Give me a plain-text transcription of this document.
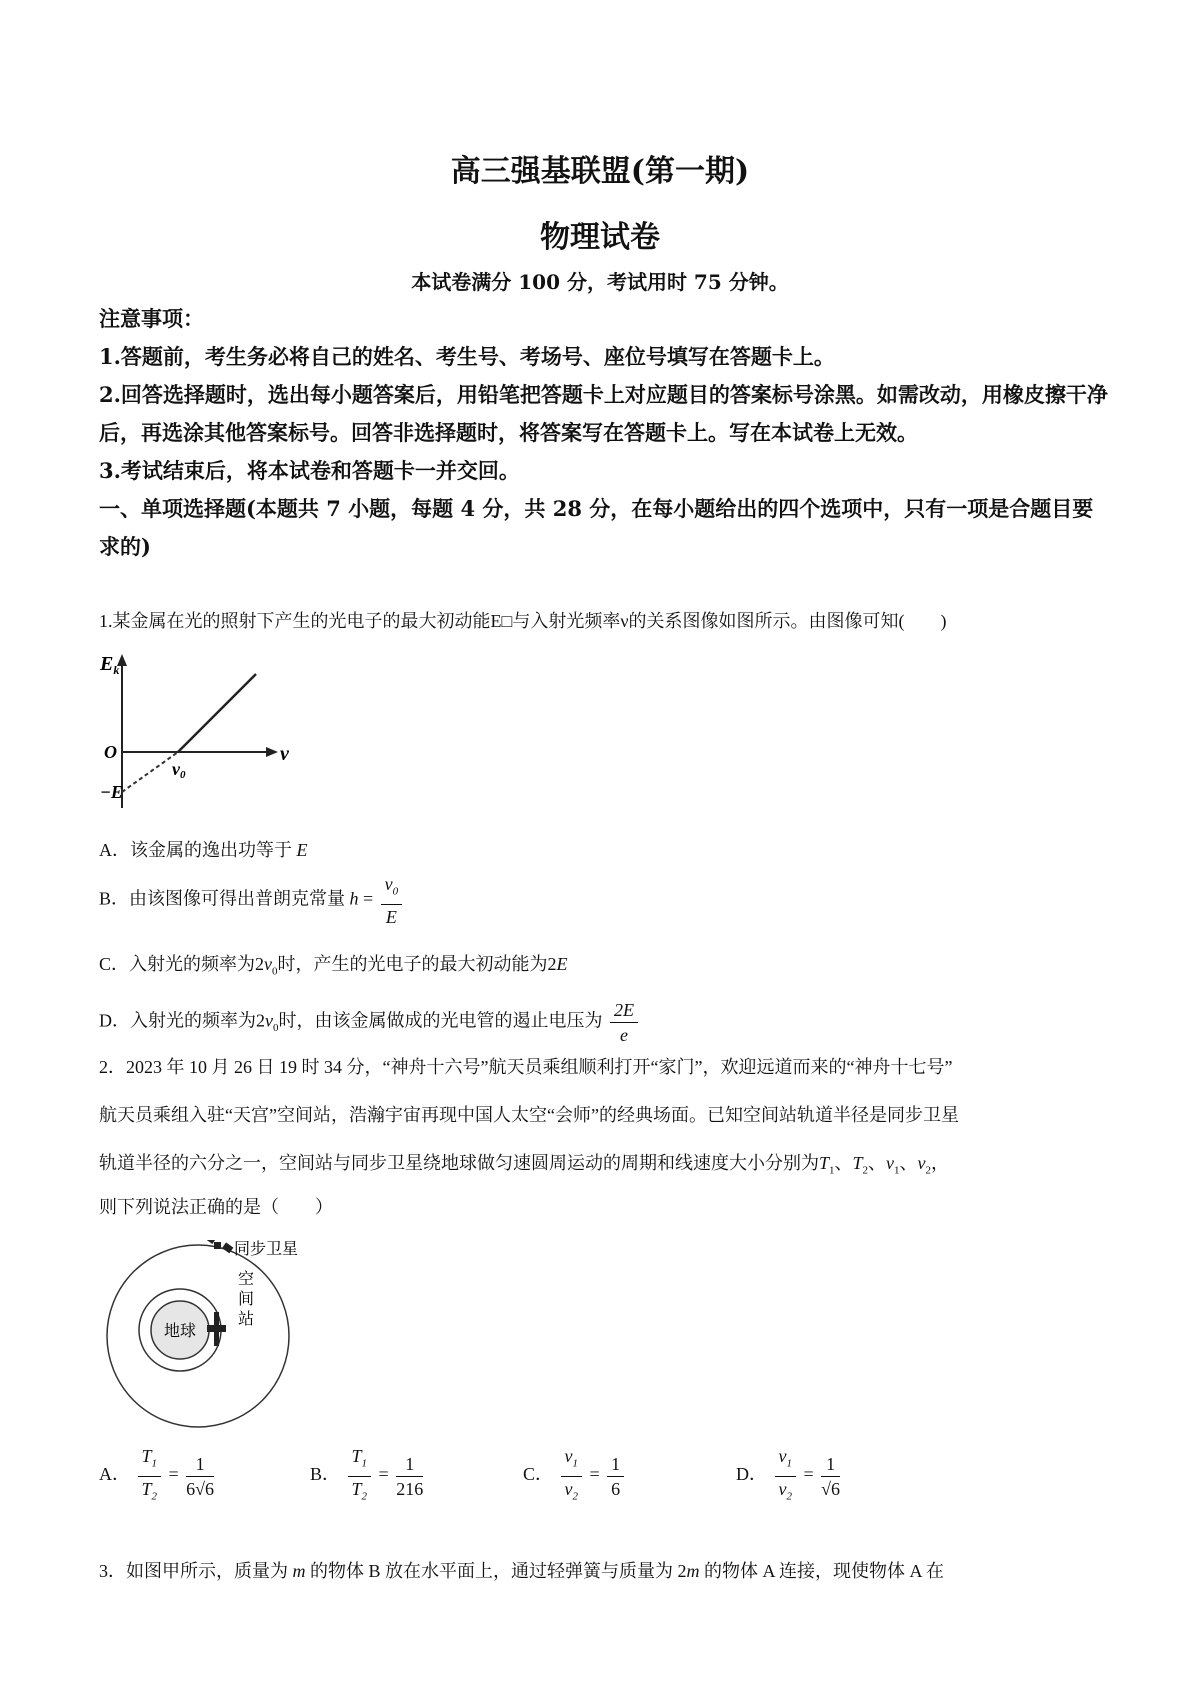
高三强基联盟(第一期)
物理试卷
本试卷满分 100 分，考试用时 75 分钟。
注意事项：
1.答题前，考生务必将自己的姓名、考生号、考场号、座位号填写在答题卡上。
2.回答选择题时，选出每小题答案后，用铅笔把答题卡上对应题目的答案标号涂黑。如需改动，用橡皮擦干净后，再选涂其他答案标号。回答非选择题时，将答案写在答题卡上。写在本试卷上无效。
3.考试结束后，将本试卷和答题卡一并交回。
一、单项选择题(本题共 7 小题，每题 4 分，共 28 分，在每小题给出的四个选项中，只有一项是合题目要求的)
1.某金属在光的照射下产生的光电子的最大初动能E□与入射光频率ν的关系图像如图所示。由图像可知(　　)
$E_k$
O
ν0
ν
−E
A．该金属的逸出功等于 E
B．由该图像可得出普朗克常量 $h = \frac{v_0}{E}$
C．入射光的频率为$2v_0$时，产生的光电子的最大初动能为2E
D．入射光的频率为$2v_0$时，由该金属做成的光电管的遏止电压为 $\frac{2E}{e}$
2．2023 年 10 月 26 日 19 时 34 分，“神舟十六号”航天员乘组顺利打开“家门”，欢迎远道而来的“神舟十七号”
航天员乘组入驻“天宫”空间站，浩瀚宇宙再现中国人太空“会师”的经典场面。已知空间站轨道半径是同步卫星
轨道半径的六分之一，空间站与同步卫星绕地球做匀速圆周运动的周期和线速度大小分别为$T_1$、$T_2$、$v_1$、$v_2$，
则下列说法正确的是（　　）
地球
同步卫星
空
间
站
A． $\frac{T_1}{T_2} = \frac{1}{6√6}$	B． $\frac{T_1}{T_2} = \frac{1}{216}$	C． $\frac{v_1}{v_2} = \frac{1}{6}$	D． $\frac{v_1}{v_2} = \frac{1}{√6}$
3．如图甲所示，质量为 m 的物体 B 放在水平面上，通过轻弹簧与质量为 2m 的物体 A 连接，现使物体 A 在
